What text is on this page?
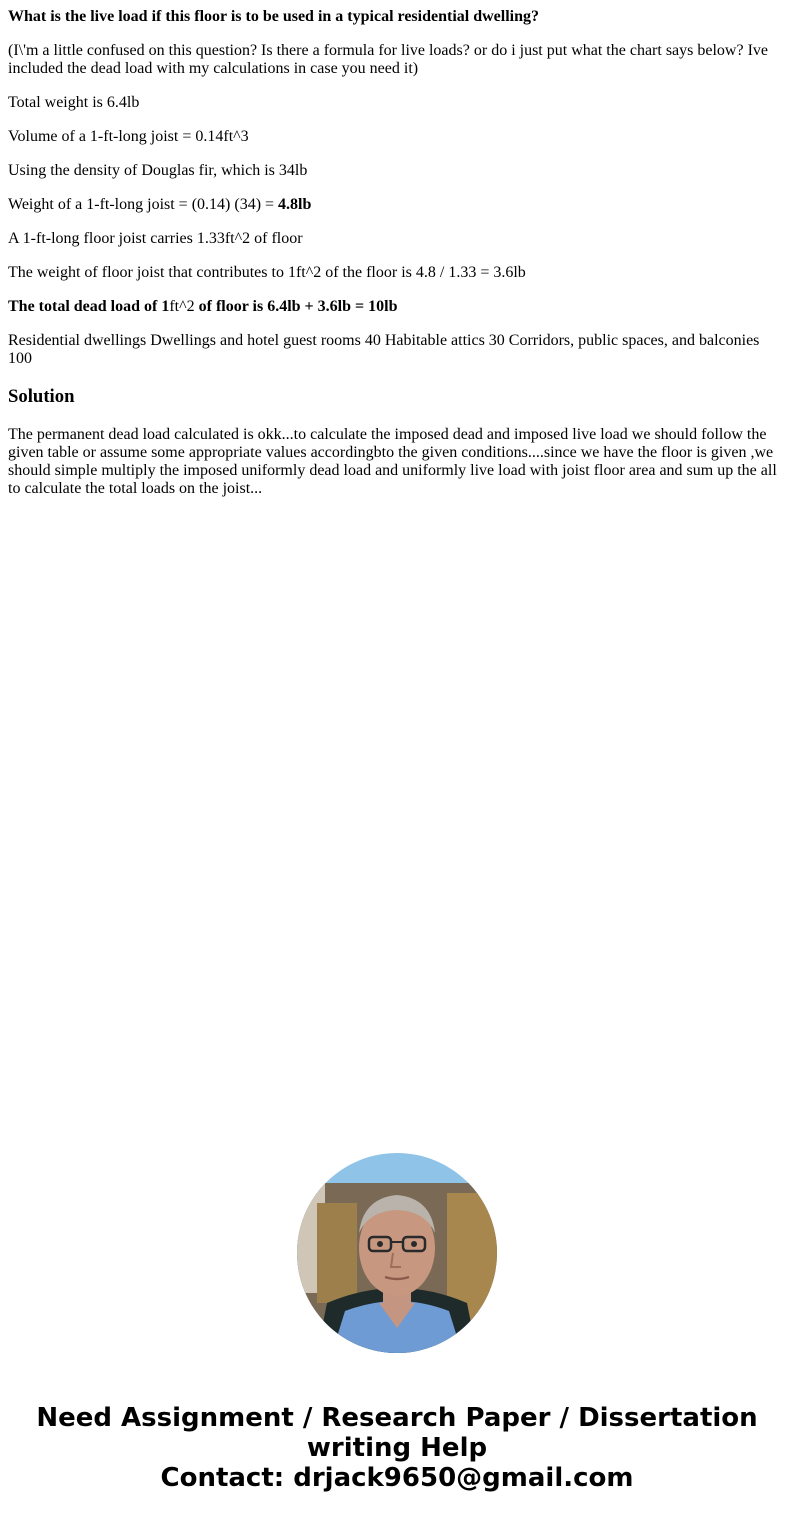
What is the live load if this floor is to be used in a typical residential dwelling?

(I\'m a little confused on this question? Is there a formula for live loads? or do i just put what the chart says below? Ive included the dead load with my calculations in case you need it)

Total weight is 6.4lb

Volume of a 1-ft-long joist = 0.14ft^3

Using the density of Douglas fir, which is 34lb

Weight of a 1-ft-long joist = (0.14) (34) = 4.8lb

A 1-ft-long floor joist carries 1.33ft^2 of floor

The weight of floor joist that contributes to 1ft^2 of the floor is 4.8 / 1.33 = 3.6lb

The total dead load of 1ft^2 of floor is 6.4lb + 3.6lb = 10lb

Residential dwellings Dwellings and hotel guest rooms 40 Habitable attics 30 Corridors, public spaces, and balconies 100

Solution

The permanent dead load calculated is okk...to calculate the imposed dead and imposed live load we should follow the given table or assume some appropriate values accordingbto the given conditions....since we have the floor is given ,we should simple multiply the imposed uniformly dead load and uniformly live load with joist floor area and sum up the all to calculate the total loads on the joist...

Need Assignment / Research Paper / Dissertation
writing Help
Contact: drjack9650@gmail.com
